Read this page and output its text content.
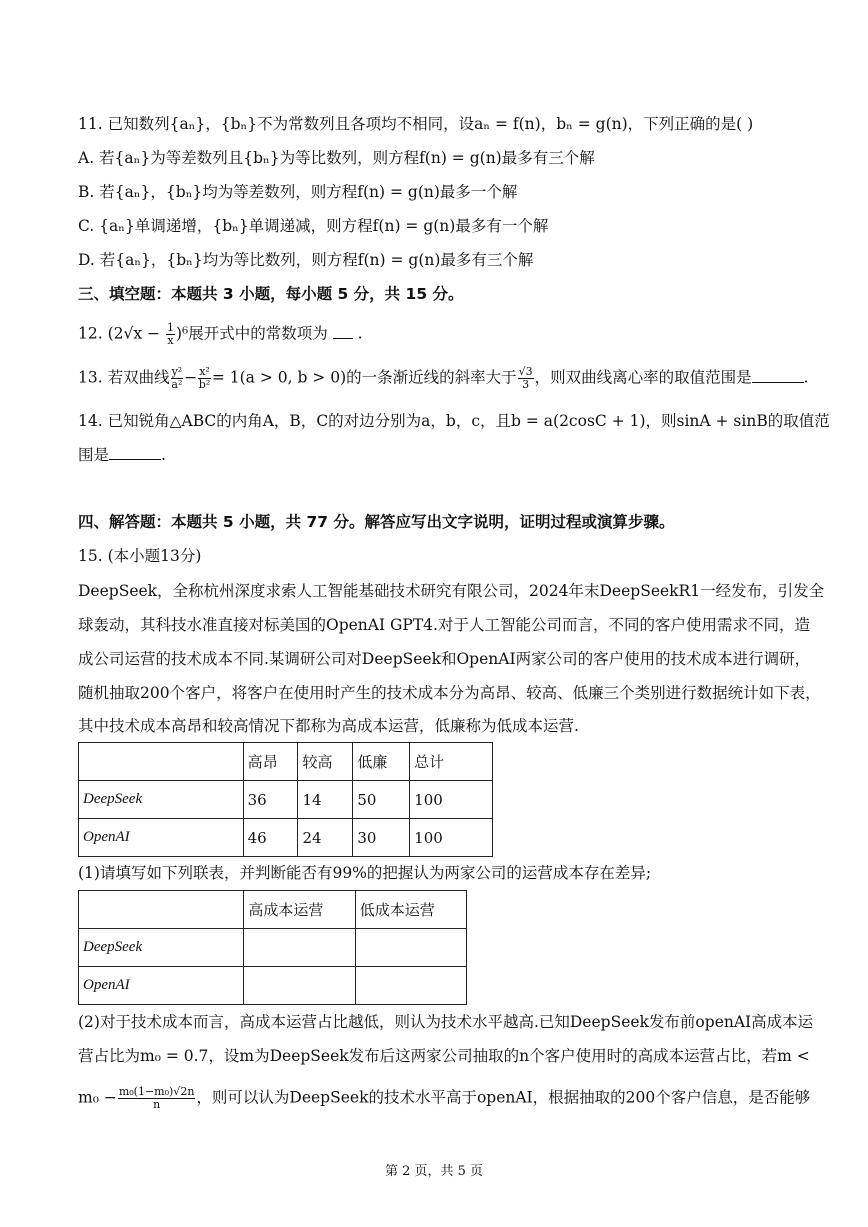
11. 已知数列{aₙ}，{bₙ}不为常数列且各项均不相同，设aₙ = f(n)，bₙ = g(n)，下列正确的是( )
A. 若{aₙ}为等差数列且{bₙ}为等比数列，则方程f(n) = g(n)最多有三个解
B. 若{aₙ}，{bₙ}均为等差数列，则方程f(n) = g(n)最多一个解
C. {aₙ}单调递增，{bₙ}单调递减，则方程f(n) = g(n)最多有一个解
D. 若{aₙ}，{bₙ}均为等比数列，则方程f(n) = g(n)最多有三个解
三、填空题：本题共 3 小题，每小题 5 分，共 15 分。
12. $(2√x - \frac{1}{x} )^6$展开式中的常数项为 .
13. 若双曲线 $\frac{\text{y²}}{\text{a²}} - \frac{\text{x²}}{\text{b²}} = 1(a > 0$, b > 0)的一条渐近线的斜率大于 $\frac{√3}{3}$ ，则双曲线离心率的取值范围是	.
14. 已知锐角△ABC的内角A，B，C的对边分别为a，b，c，且b = a(2cosC + 1)，则sinA + sinB的取值范
围是	.
四、解答题：本题共 5 小题，共 77 分。解答应写出文字说明，证明过程或演算步骤。
15. (本小题13分)
DeepSeek，全称杭州深度求索人工智能基础技术研究有限公司，2024年末DeepSeekR1一经发布，引发全
球轰动，其科技水准直接对标美国的OpenAI GPT4.对于人工智能公司而言，不同的客户使用需求不同，造
成公司运营的技术成本不同.某调研公司对DeepSeek和OpenAI两家公司的客户使用的技术成本进行调研，
随机抽取200个客户，将客户在使用时产生的技术成本分为高昂、较高、低廉三个类别进行数据统计如下表，
其中技术成本高昂和较高情况下都称为高成本运营，低廉称为低成本运营.
	高昂	较高	低廉	总计
DeepSeek	36	14	50	100
OpenAI	46	24	30	100
(1)请填写如下列联表，并判断能否有99%的把握认为两家公司的运营成本存在差异;
	高成本运营	低成本运营
DeepSeek		
OpenAI		
(2)对于技术成本而言，高成本运营占比越低，则认为技术水平越高.已知DeepSeek发布前openAI高成本运
营占比为m₀ = 0.7，设m为DeepSeek发布后这两家公司抽取的n个客户使用时的高成本运营占比，若m <
$m_0 - \frac{\text{m₀(1−m₀)√2n}}{n}$ ，则可以认为DeepSeek的技术水平高于openAI，根据抽取的200个客户信息，是否能够
第 2 页，共 5 页
